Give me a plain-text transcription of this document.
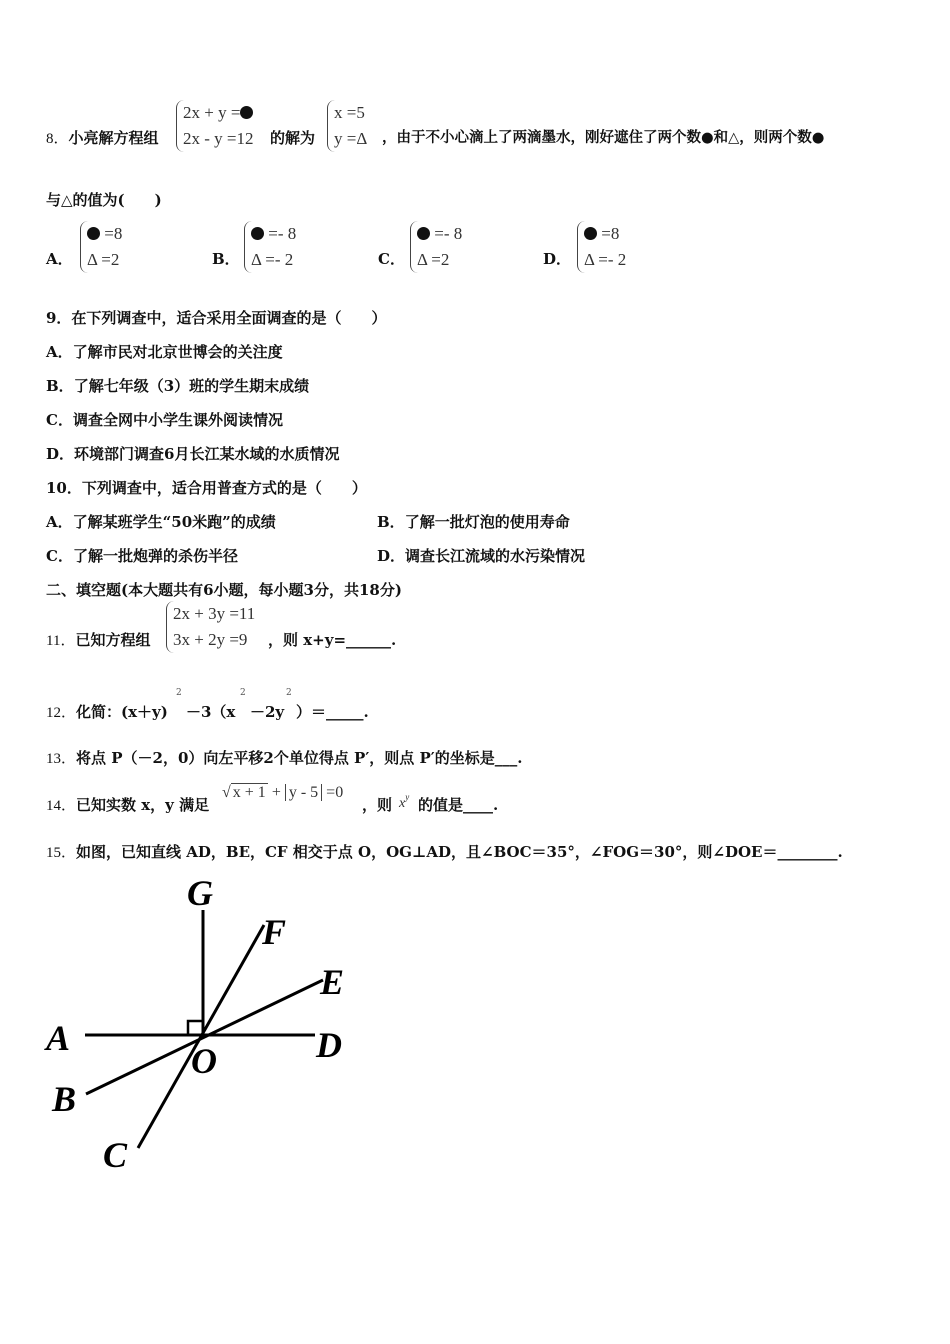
8．小亮解方程组
2x + y =
2x - y =12 的解为
x =5
y =Δ ，由于不小心滴上了两滴墨水，刚好遮住了两个数●和△，则两个数●
与△的值为(　　)
A．
=8
Δ =2	B．
=- 8
Δ =- 2	C．
=- 8
Δ =2	D．
=8
Δ =- 2
9．在下列调查中，适合采用全面调查的是（　　）
A．了解市民对北京世博会的关注度
B．了解七年级（3）班的学生期末成绩
C．调查全网中小学生课外阅读情况
D．环境部门调查6月长江某水域的水质情况
10．下列调查中，适合用普查方式的是（　　）
A．了解某班学生“50米跑”的成绩	B．了解一批灯泡的使用寿命
C．了解一批炮弹的杀伤半径	D．调查长江流域的水污染情况
二、填空题(本大题共有6小题，每小题3分，共18分)
11．已知方程组
2x + 3y =11
3x + 2y =9	，则 x+y=______.
12．化简：(x＋y)
2
－3（x
2
－2y
2
）＝_____.
13．将点 P（－2，0）向左平移2个单位得点 P′，则点 P′的坐标是___.
14．已知实数 x，y 满足
√ x + 1 + y - 5 =0
，则 $x^y$ 的值是____.
15．如图，已知直线 AD，BE，CF 相交于点 O，OG⊥AD，且∠BOC＝35°，∠FOG＝30°，则∠DOE＝________.
G
F
E
A	D
O
B
C
